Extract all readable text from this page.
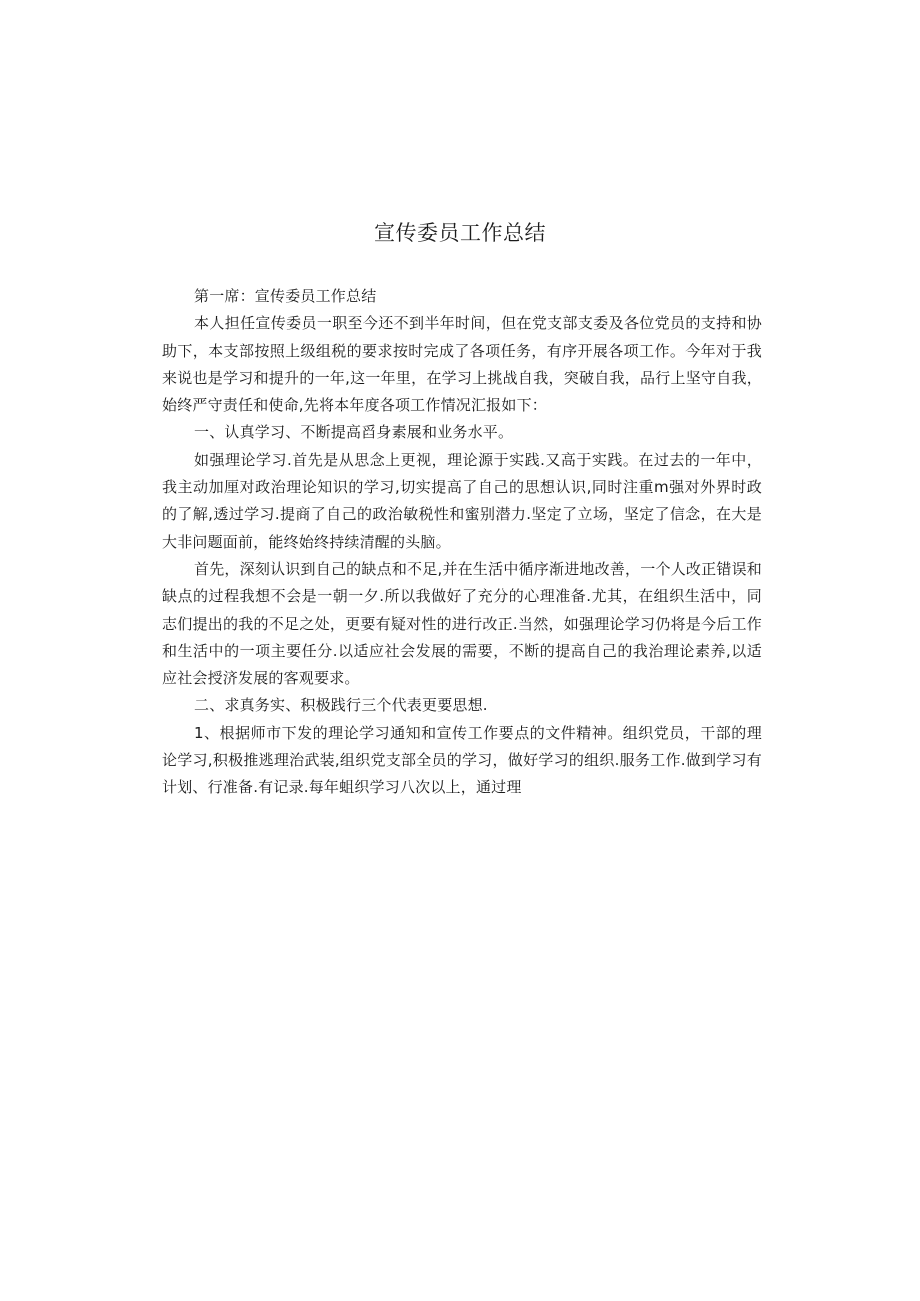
宣传委员工作总结

第一席：宣传委员工作总结

本人担任宣传委员一职至今还不到半年时间，但在党支部支委及各位党员的支持和协助下，本支部按照上级组税的要求按时完成了各项任务，有序开展各项工作。今年对于我来说也是学习和提升的一年,这一年里，在学习上挑战自我，突破自我，品行上坚守自我，始终严守责任和使命,先将本年度各项工作情况汇报如下：

一、认真学习、不断提高舀身素展和业务水平。

如强理论学习.首先是从思念上更视，理论源于实践.又高于实践。在过去的一年中，我主动加厘对政治理论知识的学习,切实提高了自己的思想认识,同时注重m强对外界时政的了解,透过学习.提商了自己的政治敏税性和蜜别潜力.坚定了立场，坚定了信念，在大是大非问题面前，能终始终持续清醒的头脑。

首先，深刻认识到自己的缺点和不足,并在生活中循序渐进地改善，一个人改正错误和缺点的过程我想不会是一朝一夕.所以我做好了充分的心理准备.尤其，在组织生活中，同志们提出的我的不足之处，更要有疑对性的进行改正.当然，如强理论学习仍将是今后工作和生活中的一项主要任分.以适应社会发展的需要，不断的提高自己的我治理论素养,以适应社会授济发展的客观要求。

二、求真务实、积极践行三个代表更要思想.

1、根据师市下发的理论学习通知和宣传工作要点的文件精神。组织党员，干部的理论学习,积极推逃理治武装,组织党支部全员的学习，做好学习的组织.服务工作.做到学习有计划、行准备.有记录.每年蛆织学习八次以上，通过理
